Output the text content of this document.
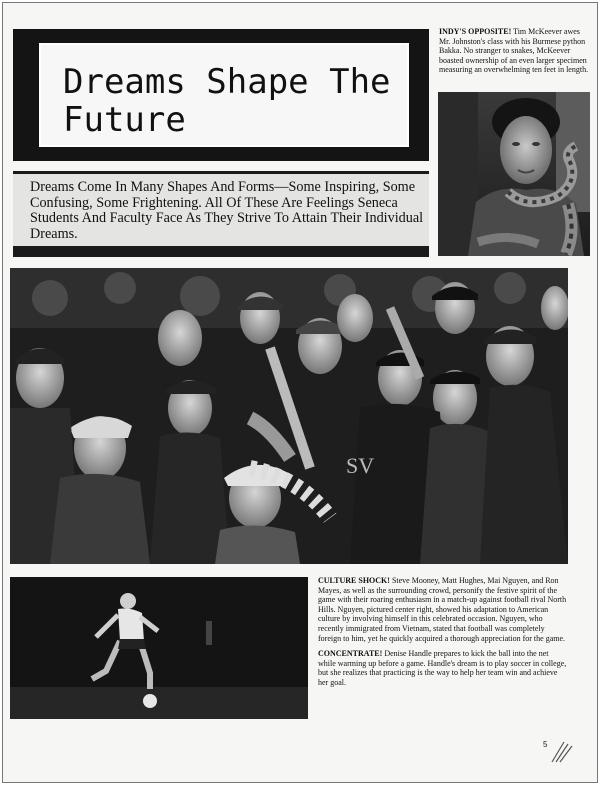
Dreams Shape The
Future
Dreams Come In Many Shapes And Forms—Some Inspiring, Some Confusing, Some Frightening. All Of These Are Feelings Seneca Students And Faculty Face As They Strive To Attain Their Individual Dreams.
INDY'S OPPOSITE! Tim McKeever awes Mr. Johnston's class with his Burmese python Bakka. No stranger to snakes, McKeever boasted ownership of an even larger specimen measuring an overwhelming ten feet in length.
SV

CULTURE SHOCK! Steve Mooney, Matt Hughes, Mai Nguyen, and Ron Mayes, as well as the surrounding crowd, personify the festive spirit of the game with their roaring enthusiasm in a match-up against football rival North Hills. Nguyen, pictured center right, showed his adaptation to American culture by involving himself in this celebrated occasion. Nguyen, who recently immigrated from Vietnam, stated that football was completely foreign to him, yet he quickly acquired a thorough appreciation for the game.

CONCENTRATE! Denise Handle prepares to kick the ball into the net while warming up before a game. Handle's dream is to play soccer in college, but she realizes that practicing is the way to help her team win and achieve her goal.

5
